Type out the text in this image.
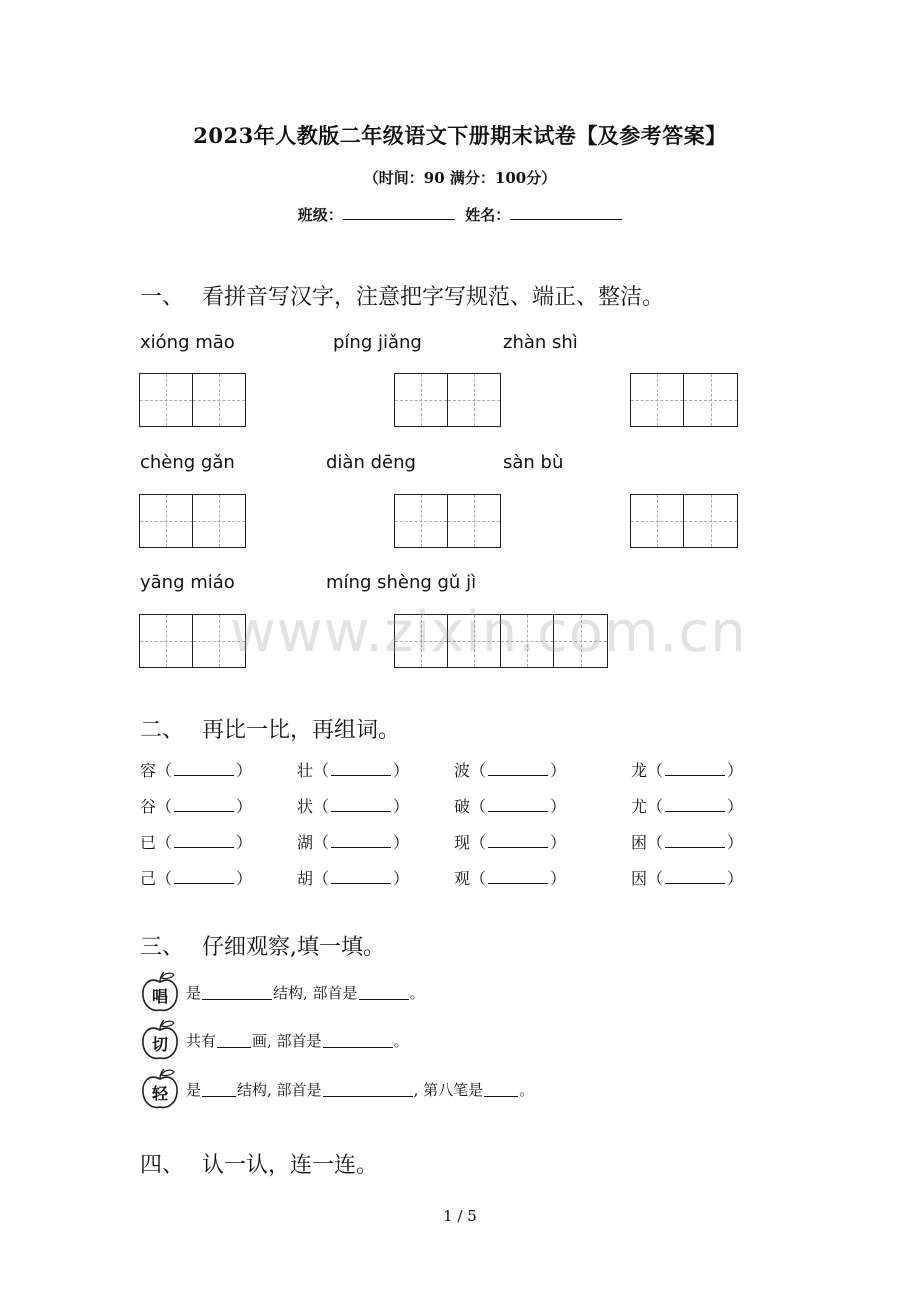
2023年人教版二年级语文下册期末试卷【及参考答案】
（时间：90 满分：100分）
班级：	姓名：
一、 看拼音写汉字，注意把字写规范、端正、整洁。
xióng māo	píng jiǎng	zhàn shì
chèng gǎn	diàn dēng	sàn bù
yāng miáo	míng shèng gǔ jì
www.zixin.com.cn
二、 再比一比，再组词。
容（	）	壮（	）	波（	）	龙（	）
谷（	）	状（	）	破（	）	尤（	）
已（	）	湖（	）	现（	）	困（	）
己（	）	胡（	）	观（	）	因（	）
三、 仔细观察,填一填。
唱	是	结构, 部首是	。
切	共有 画, 部首是	。
轻	是 结构, 部首是	, 第八笔是 。
四、 认一认，连一连。
1 / 5
